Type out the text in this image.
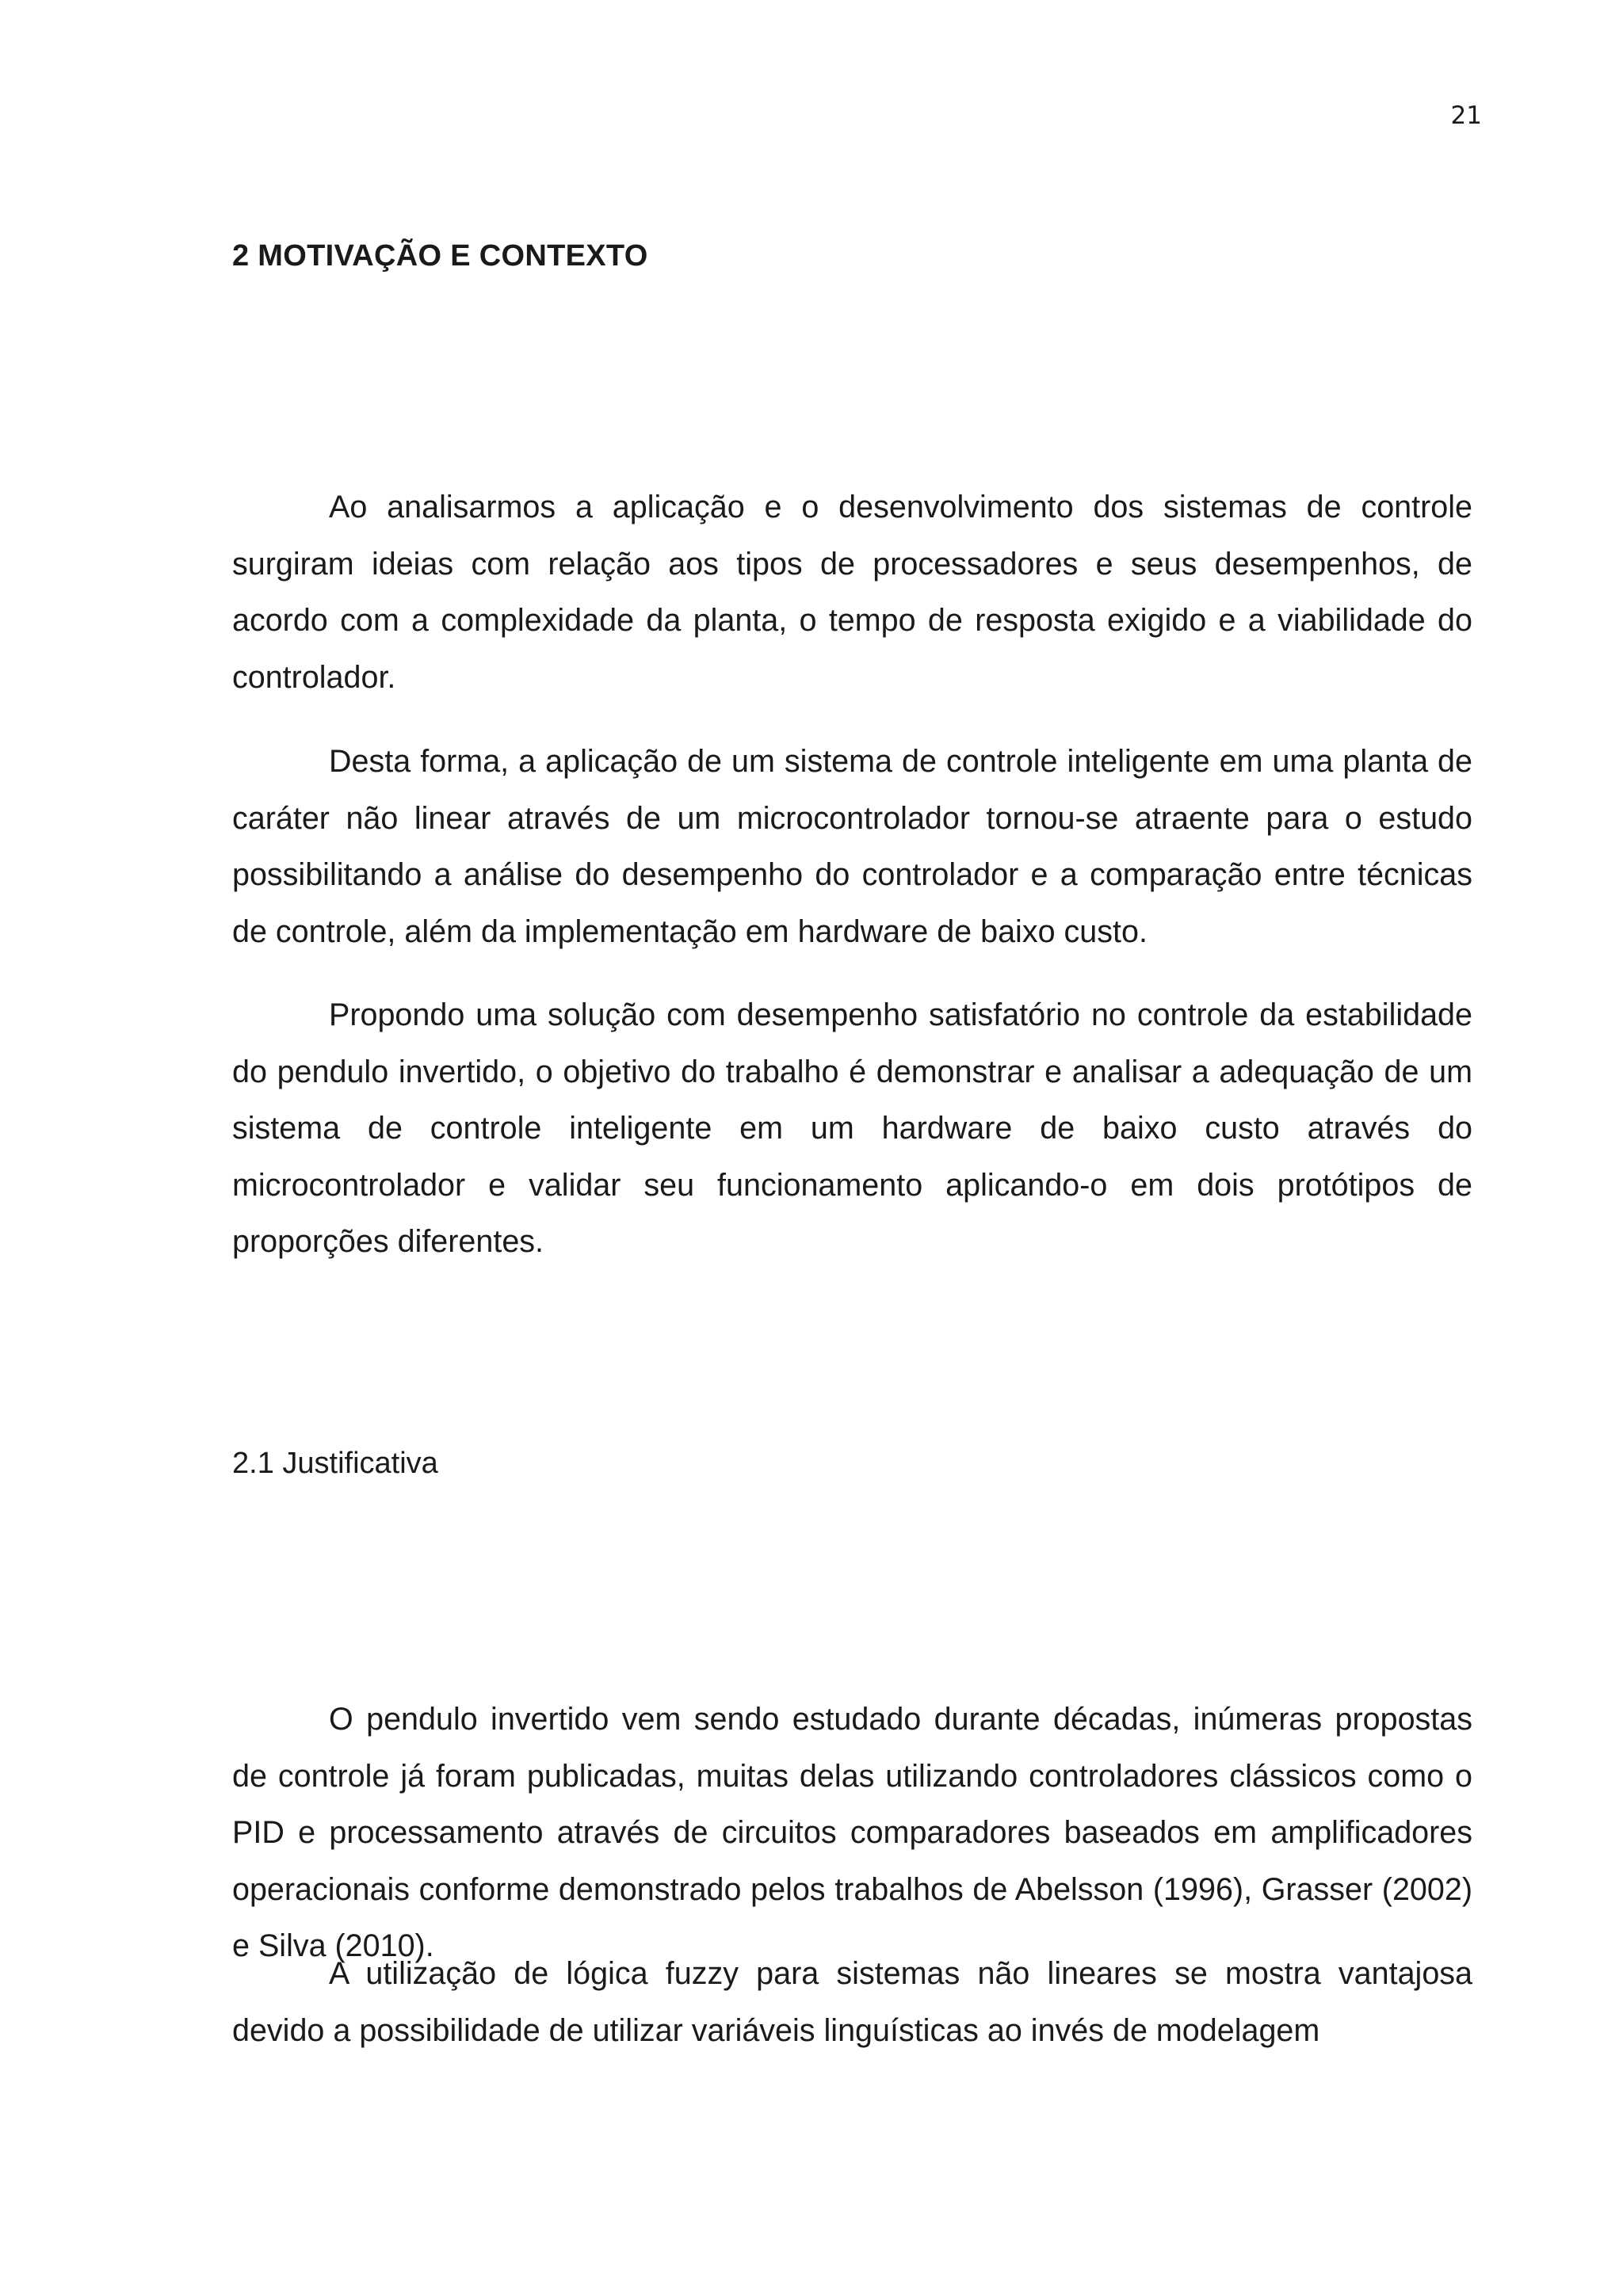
21
2 MOTIVAÇÃO E CONTEXTO

Ao analisarmos a aplicação e o desenvolvimento dos sistemas de controle surgiram ideias com relação aos tipos de processadores e seus desempenhos, de acordo com a complexidade da planta, o tempo de resposta exigido e a viabilidade do controlador.

Desta forma, a aplicação de um sistema de controle inteligente em uma planta de caráter não linear através de um microcontrolador tornou-se atraente para o estudo possibilitando a análise do desempenho do controlador e a comparação entre técnicas de controle, além da implementação em hardware de baixo custo.

Propondo uma solução com desempenho satisfatório no controle da estabilidade do pendulo invertido, o objetivo do trabalho é demonstrar e analisar a adequação de um sistema de controle inteligente em um hardware de baixo custo através do microcontrolador e validar seu funcionamento aplicando-o em dois protótipos de proporções diferentes.

2.1 Justificativa

O pendulo invertido vem sendo estudado durante décadas, inúmeras propostas de controle já foram publicadas, muitas delas utilizando controladores clássicos como o PID e processamento através de circuitos comparadores baseados em amplificadores operacionais conforme demonstrado pelos trabalhos de Abelsson (1996), Grasser (2002) e Silva (2010).

A utilização de lógica fuzzy para sistemas não lineares se mostra vantajosa devido a possibilidade de utilizar variáveis linguísticas ao invés de modelagem
